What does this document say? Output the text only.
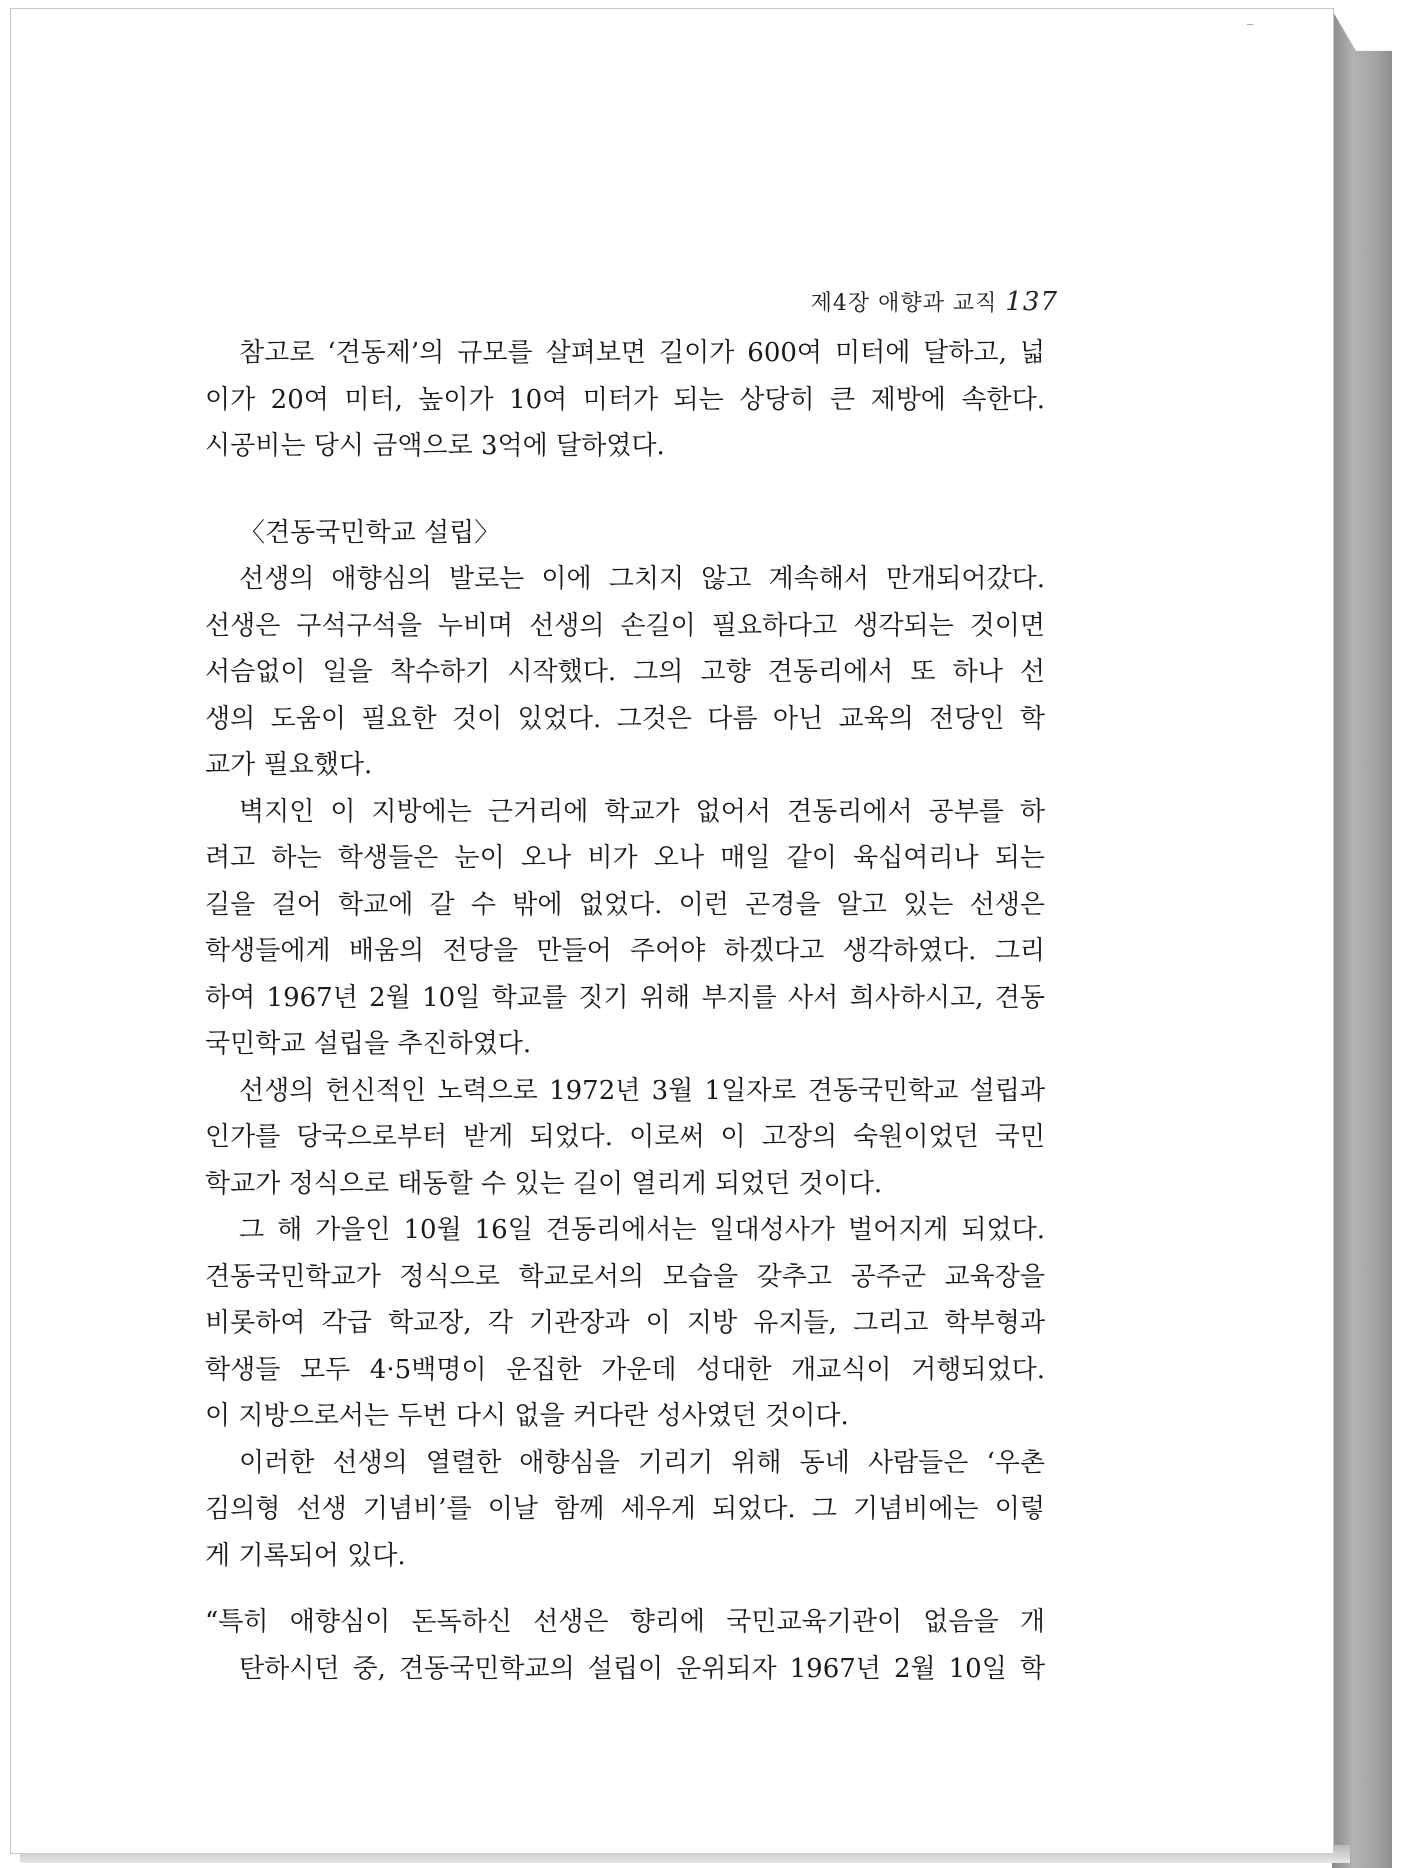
제4장 애향과 교직 137
참고로 ‘견동제’의 규모를 살펴보면 길이가 600여 미터에 달하고, 넓
이가 20여 미터, 높이가 10여 미터가 되는 상당히 큰 제방에 속한다.
시공비는 당시 금액으로 3억에 달하였다.
〈견동국민학교 설립〉
선생의 애향심의 발로는 이에 그치지 않고 계속해서 만개되어갔다.
선생은 구석구석을 누비며 선생의 손길이 필요하다고 생각되는 것이면
서슴없이 일을 착수하기 시작했다. 그의 고향 견동리에서 또 하나 선
생의 도움이 필요한 것이 있었다. 그것은 다름 아닌 교육의 전당인 학
교가 필요했다.
벽지인 이 지방에는 근거리에 학교가 없어서 견동리에서 공부를 하
려고 하는 학생들은 눈이 오나 비가 오나 매일 같이 육십여리나 되는
길을 걸어 학교에 갈 수 밖에 없었다. 이런 곤경을 알고 있는 선생은
학생들에게 배움의 전당을 만들어 주어야 하겠다고 생각하였다. 그리
하여 1967년 2월 10일 학교를 짓기 위해 부지를 사서 희사하시고, 견동
국민학교 설립을 추진하였다.
선생의 헌신적인 노력으로 1972년 3월 1일자로 견동국민학교 설립과
인가를 당국으로부터 받게 되었다. 이로써 이 고장의 숙원이었던 국민
학교가 정식으로 태동할 수 있는 길이 열리게 되었던 것이다.
그 해 가을인 10월 16일 견동리에서는 일대성사가 벌어지게 되었다.
견동국민학교가 정식으로 학교로서의 모습을 갖추고 공주군 교육장을
비롯하여 각급 학교장, 각 기관장과 이 지방 유지들, 그리고 학부형과
학생들 모두 4·5백명이 운집한 가운데 성대한 개교식이 거행되었다.
이 지방으로서는 두번 다시 없을 커다란 성사였던 것이다.
이러한 선생의 열렬한 애향심을 기리기 위해 동네 사람들은 ‘우촌
김의형 선생 기념비’를 이날 함께 세우게 되었다. 그 기념비에는 이렇
게 기록되어 있다.
“특히 애향심이 돈독하신 선생은 향리에 국민교육기관이 없음을 개
탄하시던 중, 견동국민학교의 설립이 운위되자 1967년 2월 10일 학
